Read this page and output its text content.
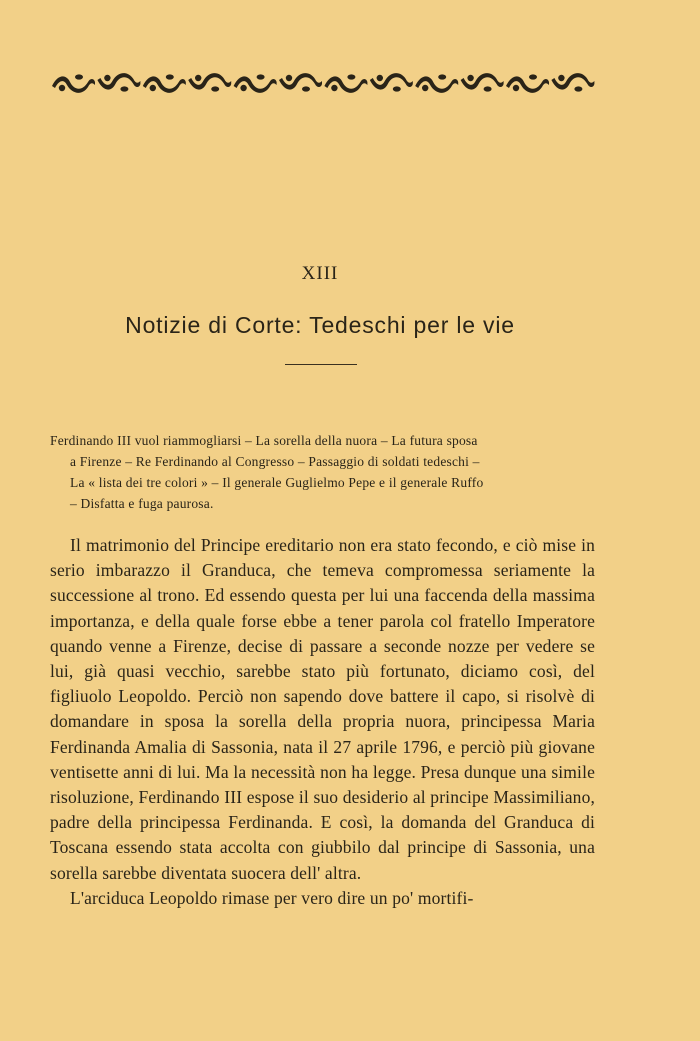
XIII
Notizie di Corte: Tedeschi per le vie
Ferdinando III vuol riammogliarsi – La sorella della nuora – La futura sposa
a Firenze – Re Ferdinando al Congresso – Passaggio di soldati tedeschi –
La « lista dei tre colori » – Il generale Guglielmo Pepe e il generale Ruffo
– Disfatta e fuga paurosa.

Il matrimonio del Principe ereditario non era stato fecondo, e ciò mise in serio imbarazzo il Granduca, che temeva compromessa seriamente la successione al trono. Ed essendo questa per lui una faccenda della massima importanza, e della quale forse ebbe a tener parola col fratello Imperatore quando venne a Firenze, decise di passare a seconde nozze per vedere se lui, già quasi vecchio, sarebbe stato più fortunato, diciamo così, del figliuolo Leopoldo. Perciò non sapendo dove battere il capo, si risolvè di domandare in sposa la sorella della propria nuora, principessa Maria Ferdinanda Amalia di Sassonia, nata il 27 aprile 1796, e perciò più giovane ventisette anni di lui. Ma la necessità non ha legge. Presa dunque una simile risoluzione, Ferdinando III espose il suo desiderio al principe Massimiliano, padre della principessa Ferdinanda. E così, la domanda del Granduca di Toscana essendo stata accolta con giubbilo dal principe di Sassonia, una sorella sarebbe diventata suocera dell' altra.

L'arciduca Leopoldo rimase per vero dire un po' mortifi-
